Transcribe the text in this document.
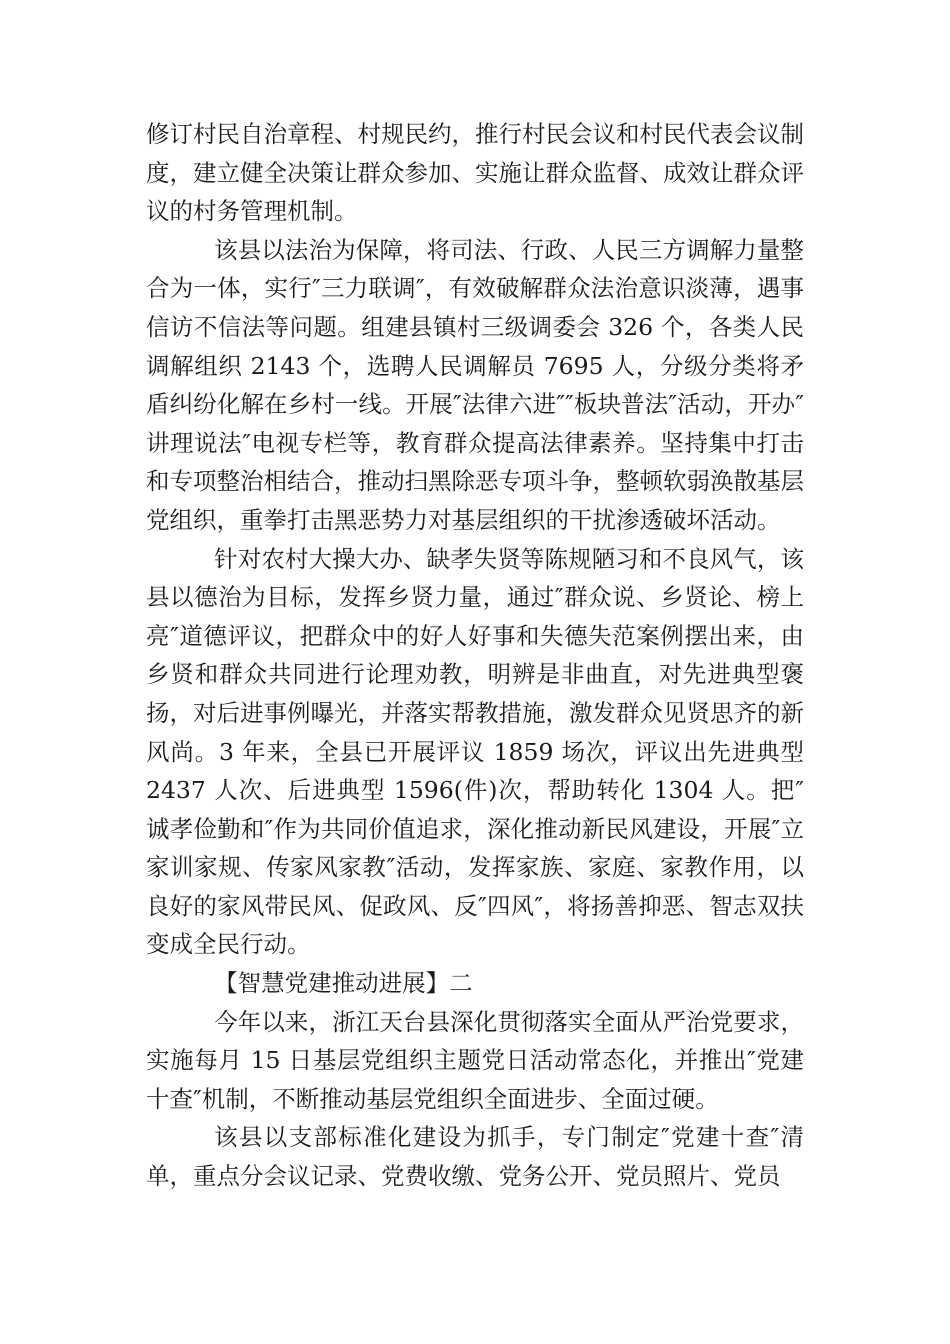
修订村民自治章程、村规民约，推行村民会议和村民代表会议制度，建立健全决策让群众参加、实施让群众监督、成效让群众评议的村务管理机制。

该县以法治为保障，将司法、行政、人民三方调解力量整合为一体，实行″三力联调″，有效破解群众法治意识淡薄，遇事信访不信法等问题。组建县镇村三级调委会 326 个，各类人民调解组织 2143 个，选聘人民调解员 7695 人，分级分类将矛盾纠纷化解在乡村一线。开展″法律六进″″板块普法″活动，开办″讲理说法″电视专栏等，教育群众提高法律素养。坚持集中打击和专项整治相结合，推动扫黑除恶专项斗争，整顿软弱涣散基层党组织，重拳打击黑恶势力对基层组织的干扰渗透破坏活动。

针对农村大操大办、缺孝失贤等陈规陋习和不良风气，该县以德治为目标，发挥乡贤力量，通过″群众说、乡贤论、榜上亮″道德评议，把群众中的好人好事和失德失范案例摆出来，由乡贤和群众共同进行论理劝教，明辨是非曲直，对先进典型褒扬，对后进事例曝光，并落实帮教措施，激发群众见贤思齐的新风尚。3 年来，全县已开展评议 1859 场次，评议出先进典型 2437 人次、后进典型 1596(件)次，帮助转化 1304 人。把″诚孝俭勤和″作为共同价值追求，深化推动新民风建设，开展″立家训家规、传家风家教″活动，发挥家族、家庭、家教作用，以良好的家风带民风、促政风、反″四风″，将扬善抑恶、智志双扶变成全民行动。

【智慧党建推动进展】二

今年以来，浙江天台县深化贯彻落实全面从严治党要求，实施每月 15 日基层党组织主题党日活动常态化，并推出″党建十查″机制，不断推动基层党组织全面进步、全面过硬。

该县以支部标准化建设为抓手，专门制定″党建十查″清单，重点分会议记录、党费收缴、党务公开、党员照片、党员
